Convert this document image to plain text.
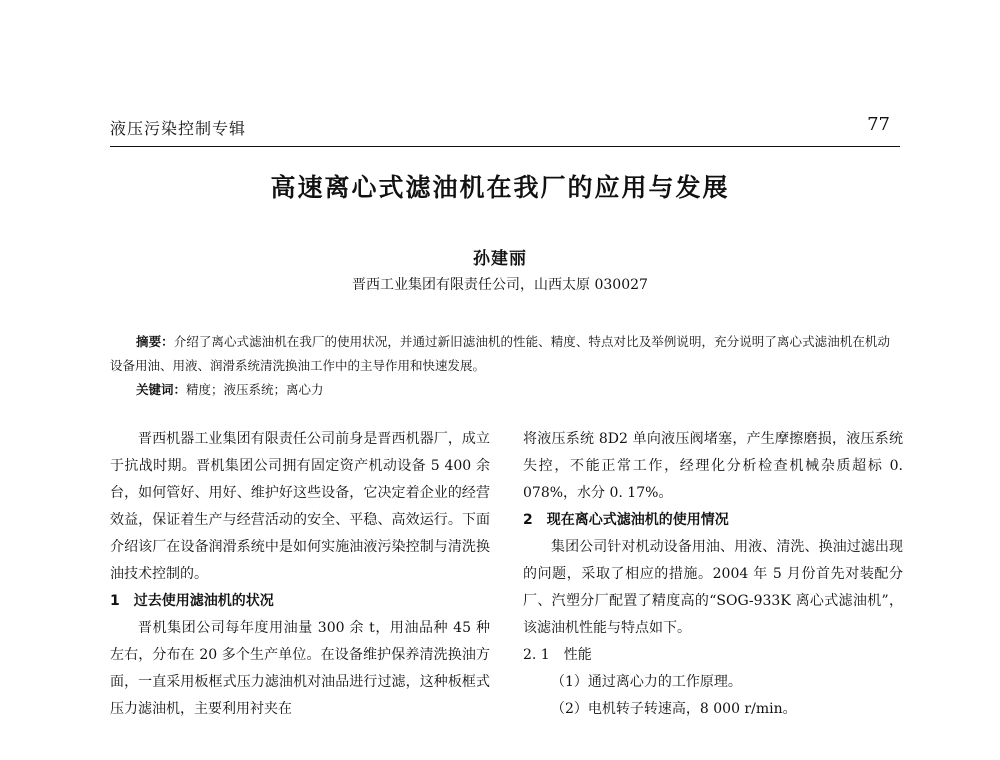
液压污染控制专辑	77
高速离心式滤油机在我厂的应用与发展
孙建丽
晋西工业集团有限责任公司，山西太原 030027
摘要：介绍了离心式滤油机在我厂的使用状况，并通过新旧滤油机的性能、精度、特点对比及举例说明，充分说明了离心式滤油机在机动设备用油、用液、润滑系统清洗换油工作中的主导作用和快速发展。
关键词：精度；液压系统；离心力

晋西机器工业集团有限责任公司前身是晋西机器厂，成立于抗战时期。晋机集团公司拥有固定资产机动设备 5 400 余台，如何管好、用好、维护好这些设备，它决定着企业的经营效益，保证着生产与经营活动的安全、平稳、高效运行。下面介绍该厂在设备润滑系统中是如何实施油液污染控制与清洗换油技术控制的。

1　过去使用滤油机的状况

晋机集团公司每年度用油量 300 余 t，用油品种 45 种左右，分布在 20 多个生产单位。在设备维护保养清洗换油方面，一直采用板框式压力滤油机对油品进行过滤，这种板框式压力滤油机，主要利用衬夹在

将液压系统 8D2 单向液压阀堵塞，产生摩擦磨损，液压系统失控，不能正常工作，经理化分析检查机械杂质超标 0. 078%，水分 0. 17%。

2　现在离心式滤油机的使用情况

集团公司针对机动设备用油、用液、清洗、换油过滤出现的问题，采取了相应的措施。2004 年 5 月份首先对装配分厂、汽塑分厂配置了精度高的“SOG-933K 离心式滤油机”，该滤油机性能与特点如下。

2. 1　性能

（1）通过离心力的工作原理。

（2）电机转子转速高，8 000 r/min。
